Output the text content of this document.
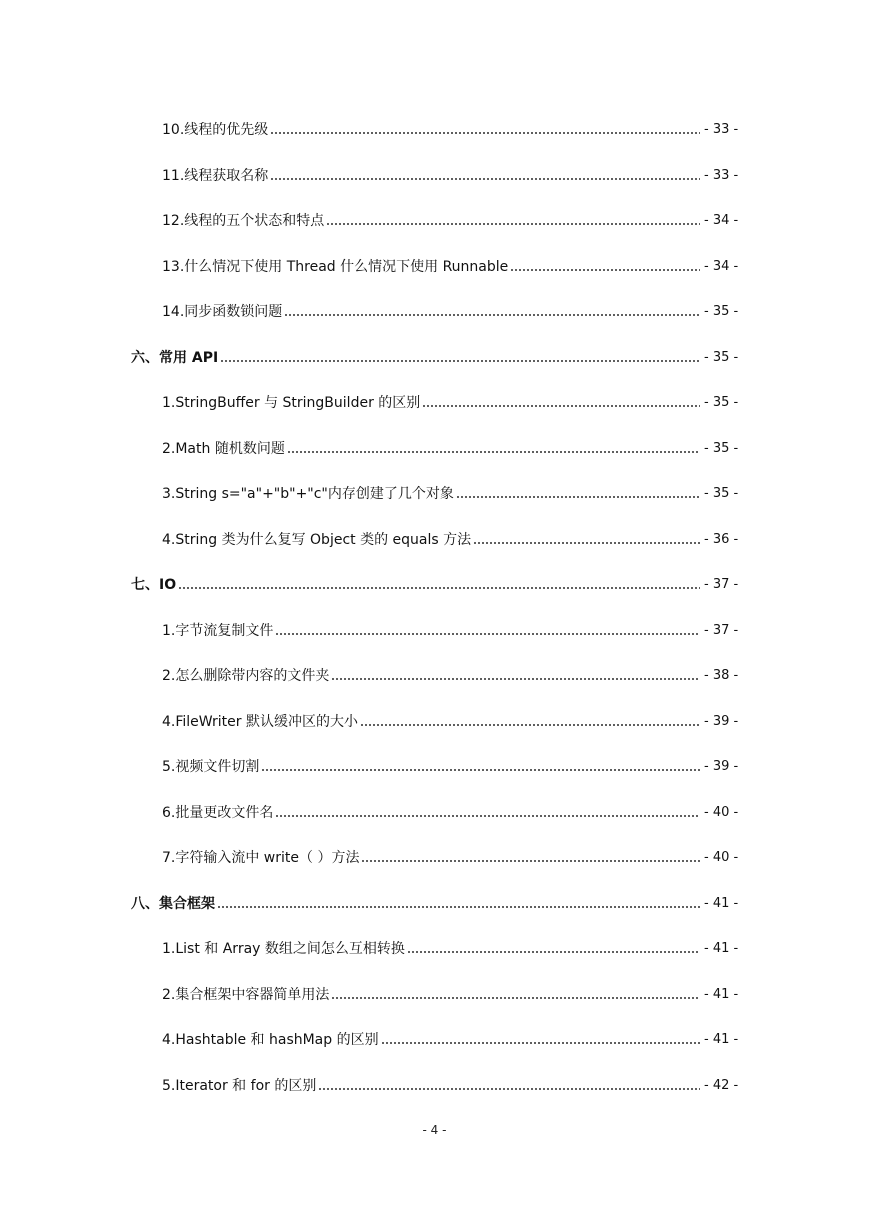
10.线程的优先级	- 33 -
11.线程获取名称	- 33 -
12.线程的五个状态和特点	- 34 -
13.什么情况下使用 Thread 什么情况下使用 Runnable	- 34 -
14.同步函数锁问题	- 35 -
六、常用 API	- 35 -
1.StringBuffer 与 StringBuilder 的区别	- 35 -
2.Math 随机数问题	- 35 -
3.String s="a"+"b"+"c"内存创建了几个对象	- 35 -
4.String 类为什么复写 Object 类的 equals 方法	- 36 -
七、IO	- 37 -
1.字节流复制文件	- 37 -
2.怎么删除带内容的文件夹	- 38 -
4.FileWriter 默认缓冲区的大小	- 39 -
5.视频文件切割	- 39 -
6.批量更改文件名	- 40 -
7.字符输入流中 write（ ）方法	- 40 -
八、集合框架	- 41 -
1.List 和 Array 数组之间怎么互相转换	- 41 -
2.集合框架中容器简单用法	- 41 -
4.Hashtable 和 hashMap 的区别	- 41 -
5.Iterator 和 for 的区别	- 42 -
- 4 -
